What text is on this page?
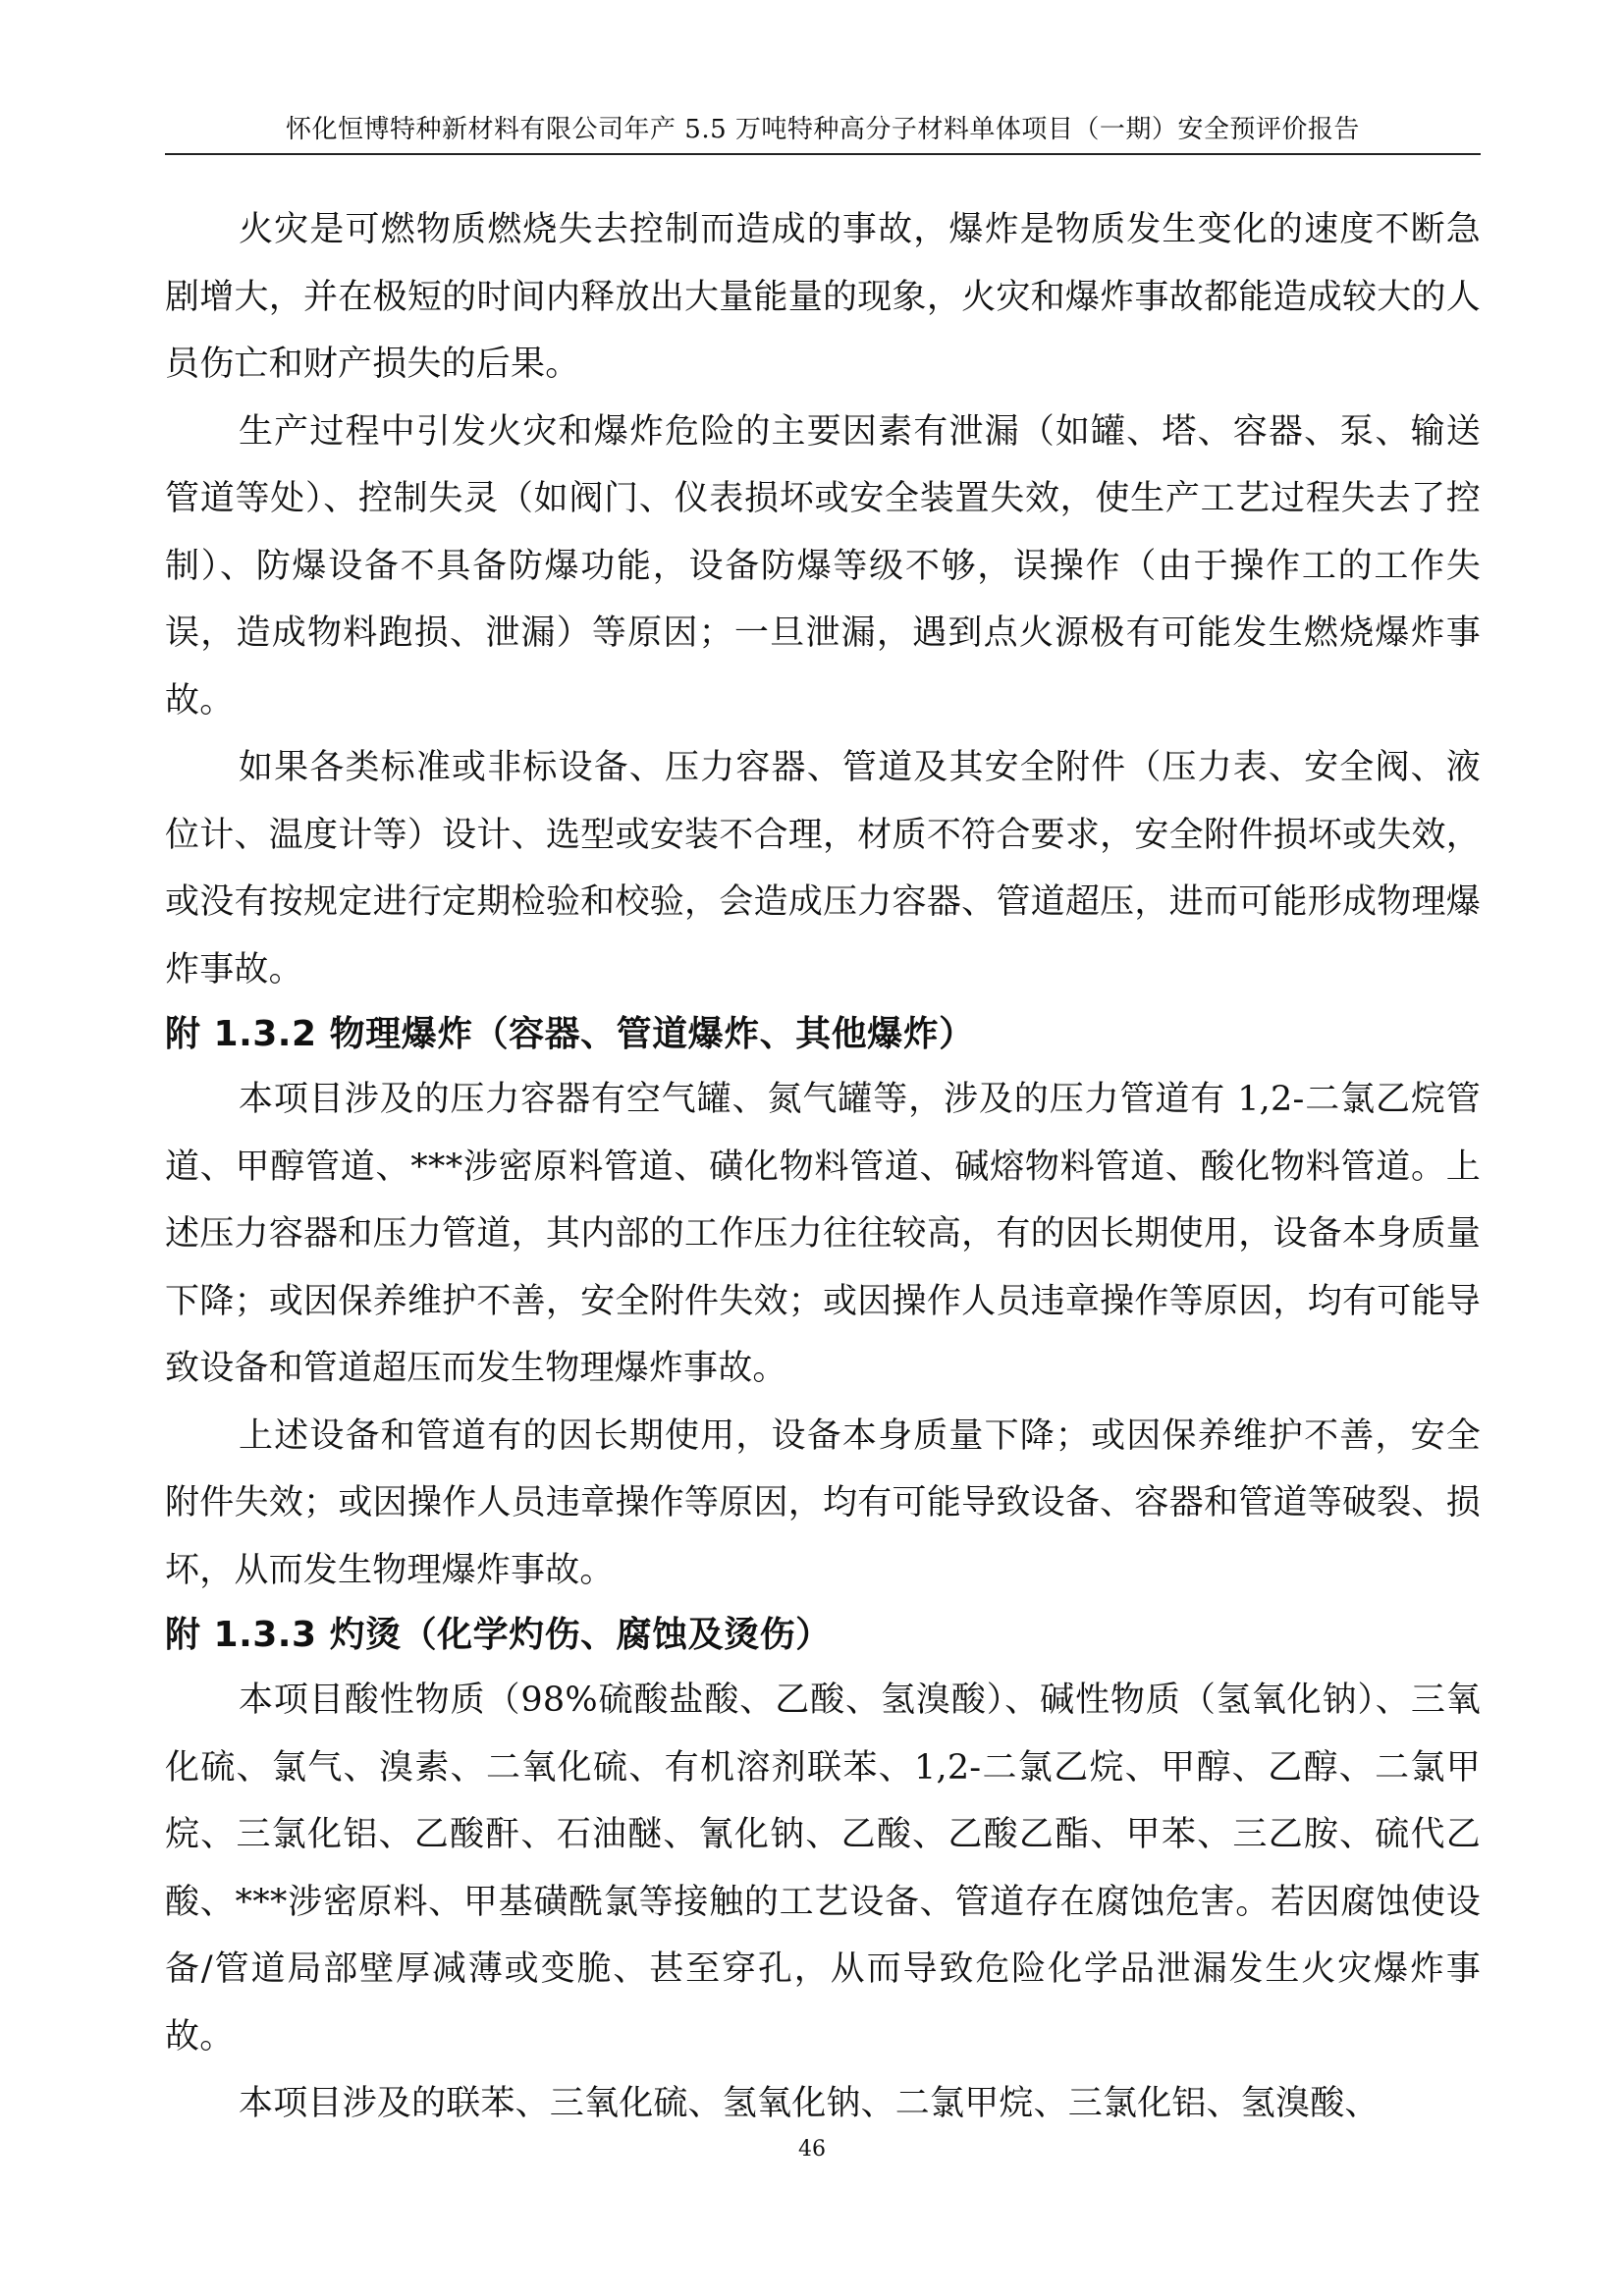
怀化恒博特种新材料有限公司年产 5.5 万吨特种高分子材料单体项目（一期）安全预评价报告

火灾是可燃物质燃烧失去控制而造成的事故，爆炸是物质发生变化的速度不断急剧增大，并在极短的时间内释放出大量能量的现象，火灾和爆炸事故都能造成较大的人员伤亡和财产损失的后果。

生产过程中引发火灾和爆炸危险的主要因素有泄漏（如罐、塔、容器、泵、输送管道等处）、控制失灵（如阀门、仪表损坏或安全装置失效，使生产工艺过程失去了控制）、防爆设备不具备防爆功能，设备防爆等级不够，误操作（由于操作工的工作失误，造成物料跑损、泄漏）等原因；一旦泄漏，遇到点火源极有可能发生燃烧爆炸事故。

如果各类标准或非标设备、压力容器、管道及其安全附件（压力表、安全阀、液位计、温度计等）设计、选型或安装不合理，材质不符合要求，安全附件损坏或失效，或没有按规定进行定期检验和校验，会造成压力容器、管道超压，进而可能形成物理爆炸事故。

附 1.3.2 物理爆炸（容器、管道爆炸、其他爆炸）

本项目涉及的压力容器有空气罐、氮气罐等，涉及的压力管道有 1,2-二氯乙烷管道、甲醇管道、***涉密原料管道、磺化物料管道、碱熔物料管道、酸化物料管道。上述压力容器和压力管道，其内部的工作压力往往较高，有的因长期使用，设备本身质量下降；或因保养维护不善，安全附件失效；或因操作人员违章操作等原因，均有可能导致设备和管道超压而发生物理爆炸事故。

上述设备和管道有的因长期使用，设备本身质量下降；或因保养维护不善，安全附件失效；或因操作人员违章操作等原因，均有可能导致设备、容器和管道等破裂、损坏，从而发生物理爆炸事故。

附 1.3.3 灼烫（化学灼伤、腐蚀及烫伤）

本项目酸性物质（98%硫酸盐酸、乙酸、氢溴酸）、碱性物质（氢氧化钠）、三氧化硫、氯气、溴素、二氧化硫、有机溶剂联苯、1,2-二氯乙烷、甲醇、乙醇、二氯甲烷、三氯化铝、乙酸酐、石油醚、氰化钠、乙酸、乙酸乙酯、甲苯、三乙胺、硫代乙酸、***涉密原料、甲基磺酰氯等接触的工艺设备、管道存在腐蚀危害。若因腐蚀使设备/管道局部壁厚减薄或变脆、甚至穿孔，从而导致危险化学品泄漏发生火灾爆炸事故。

本项目涉及的联苯、三氧化硫、氢氧化钠、二氯甲烷、三氯化铝、氢溴酸、

46
